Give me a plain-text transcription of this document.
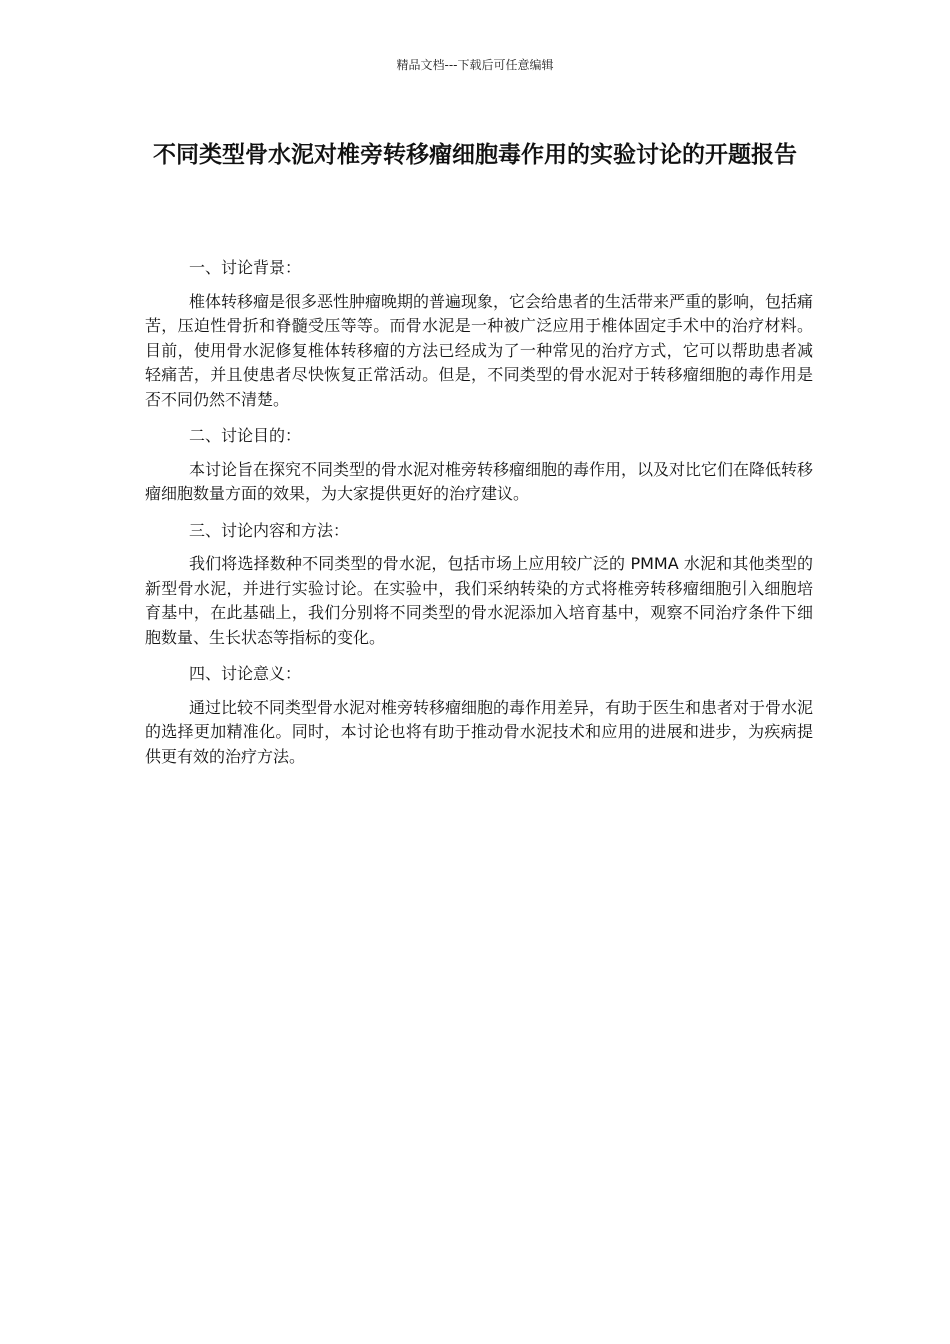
精品文档---下载后可任意编辑
不同类型骨水泥对椎旁转移瘤细胞毒作用的实验讨论的开题报告

一、讨论背景：

椎体转移瘤是很多恶性肿瘤晚期的普遍现象，它会给患者的生活带来严重的影响，包括痛苦，压迫性骨折和脊髓受压等等。而骨水泥是一种被广泛应用于椎体固定手术中的治疗材料。目前，使用骨水泥修复椎体转移瘤的方法已经成为了一种常见的治疗方式，它可以帮助患者减轻痛苦，并且使患者尽快恢复正常活动。但是，不同类型的骨水泥对于转移瘤细胞的毒作用是否不同仍然不清楚。

二、讨论目的：

本讨论旨在探究不同类型的骨水泥对椎旁转移瘤细胞的毒作用，以及对比它们在降低转移瘤细胞数量方面的效果，为大家提供更好的治疗建议。

三、讨论内容和方法：

我们将选择数种不同类型的骨水泥，包括市场上应用较广泛的 PMMA 水泥和其他类型的新型骨水泥，并进行实验讨论。在实验中，我们采纳转染的方式将椎旁转移瘤细胞引入细胞培育基中，在此基础上，我们分别将不同类型的骨水泥添加入培育基中，观察不同治疗条件下细胞数量、生长状态等指标的变化。

四、讨论意义：

通过比较不同类型骨水泥对椎旁转移瘤细胞的毒作用差异，有助于医生和患者对于骨水泥的选择更加精准化。同时，本讨论也将有助于推动骨水泥技术和应用的进展和进步，为疾病提供更有效的治疗方法。
